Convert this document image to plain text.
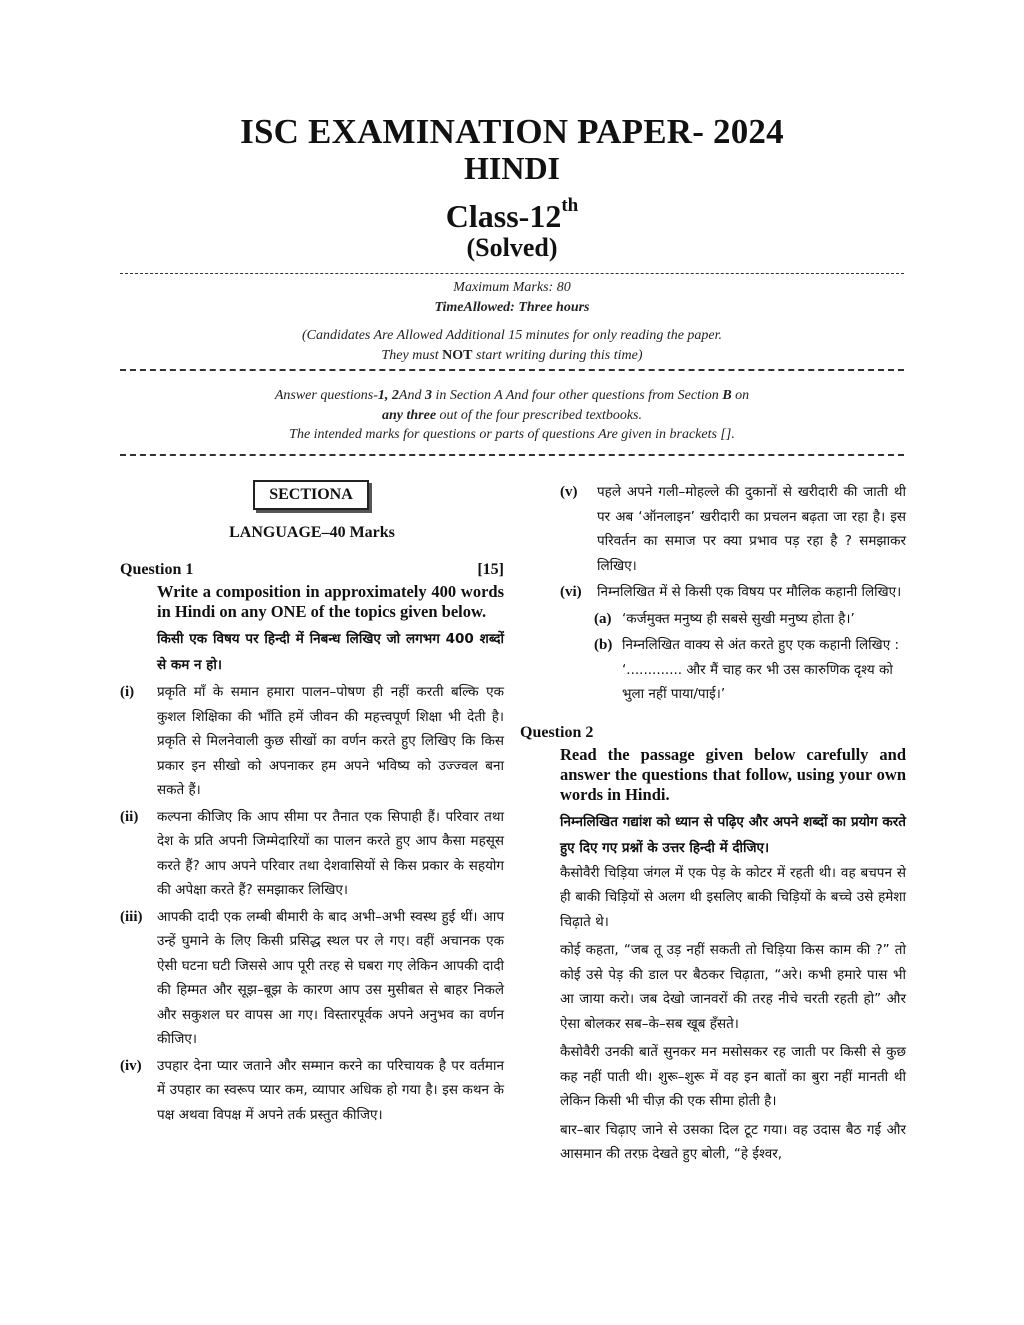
ISC EXAMINATION PAPER- 2024
HINDI
Class-12th
(Solved)
Maximum Marks: 80
TimeAllowed: Three hours
(Candidates Are Allowed Additional 15 minutes for only reading the paper.
They must NOT start writing during this time)
Answer questions-1, 2And 3 in Section A And four other questions from Section B on
any three out of the four prescribed textbooks.
The intended marks for questions or parts of questions Are given in brackets [].
SECTIONA
LANGUAGE–40 Marks
Question 1	[15]
Write a composition in approximately 400 words in Hindi on any ONE of the topics given below.
किसी एक विषय पर हिन्दी में निबन्ध लिखिए जो लगभग 400 शब्दों से कम न हो।
(i)	प्रकृति माँ के समान हमारा पालन–पोषण ही नहीं करती बल्कि एक कुशल शिक्षिका की भाँति हमें जीवन की महत्त्वपूर्ण शिक्षा भी देती है। प्रकृति से मिलनेवाली कुछ सीखों का वर्णन करते हुए लिखिए कि किस प्रकार इन सीखो को अपनाकर हम अपने भविष्य को उज्ज्वल बना सकते हैं।
(ii)	कल्पना कीजिए कि आप सीमा पर तैनात एक सिपाही हैं। परिवार तथा देश के प्रति अपनी जिम्मेदारियों का पालन करते हुए आप कैसा महसूस करते हैं? आप अपने परिवार तथा देशवासियों से किस प्रकार के सहयोग की अपेक्षा करते हैं? समझाकर लिखिए।
(iii)	आपकी दादी एक लम्बी बीमारी के बाद अभी–अभी स्वस्थ हुई थीं। आप उन्हें घुमाने के लिए किसी प्रसिद्ध स्थल पर ले गए। वहीं अचानक एक ऐसी घटना घटी जिससे आप पूरी तरह से घबरा गए लेकिन आपकी दादी की हिम्मत और सूझ–बूझ के कारण आप उस मुसीबत से बाहर निकले और सकुशल घर वापस आ गए। विस्तारपूर्वक अपने अनुभव का वर्णन कीजिए।
(iv)	उपहार देना प्यार जताने और सम्मान करने का परिचायक है पर वर्तमान में उपहार का स्वरूप प्यार कम, व्यापार अधिक हो गया है। इस कथन के पक्ष अथवा विपक्ष में अपने तर्क प्रस्तुत कीजिए।
(v)	पहले अपने गली–मोहल्ले की दुकानों से खरीदारी की जाती थी पर अब ‘ऑनलाइन’ खरीदारी का प्रचलन बढ़ता जा रहा है। इस परिवर्तन का समाज पर क्या प्रभाव पड़ रहा है ? समझाकर लिखिए।
(vi)	निम्नलिखित में से किसी एक विषय पर मौलिक कहानी लिखिए।
(a) ‘कर्जमुक्त मनुष्य ही सबसे सुखी मनुष्य होता है।’
(b) निम्नलिखित वाक्य से अंत करते हुए एक कहानी लिखिए :
‘............. और मैं चाह कर भी उस कारुणिक दृश्य को भुला नहीं पाया/पाई।’
Question 2
Read the passage given below carefully and answer the questions that follow, using your own words in Hindi.
निम्नलिखित गद्यांश को ध्यान से पढ़िए और अपने शब्दों का प्रयोग करते हुए दिए गए प्रश्नों के उत्तर हिन्दी में दीजिए।
कैसोवैरी चिड़िया जंगल में एक पेड़ के कोटर में रहती थी। वह बचपन से ही बाकी चिड़ियों से अलग थी इसलिए बाकी चिड़ियों के बच्चे उसे हमेशा चिढ़ाते थे।
कोई कहता, “जब तू उड़ नहीं सकती तो चिड़िया किस काम की ?” तो कोई उसे पेड़ की डाल पर बैठकर चिढ़ाता, “अरे। कभी हमारे पास भी आ जाया करो। जब देखो जानवरों की तरह नीचे चरती रहती हो” और ऐसा बोलकर सब–के–सब खूब हँसते।
कैसोवैरी उनकी बातें सुनकर मन मसोसकर रह जाती पर किसी से कुछ कह नहीं पाती थी। शुरू–शुरू में वह इन बातों का बुरा नहीं मानती थी लेकिन किसी भी चीज़ की एक सीमा होती है।
बार–बार चिढ़ाए जाने से उसका दिल टूट गया। वह उदास बैठ गई और आसमान की तरफ़ देखते हुए बोली, “हे ईश्वर,
